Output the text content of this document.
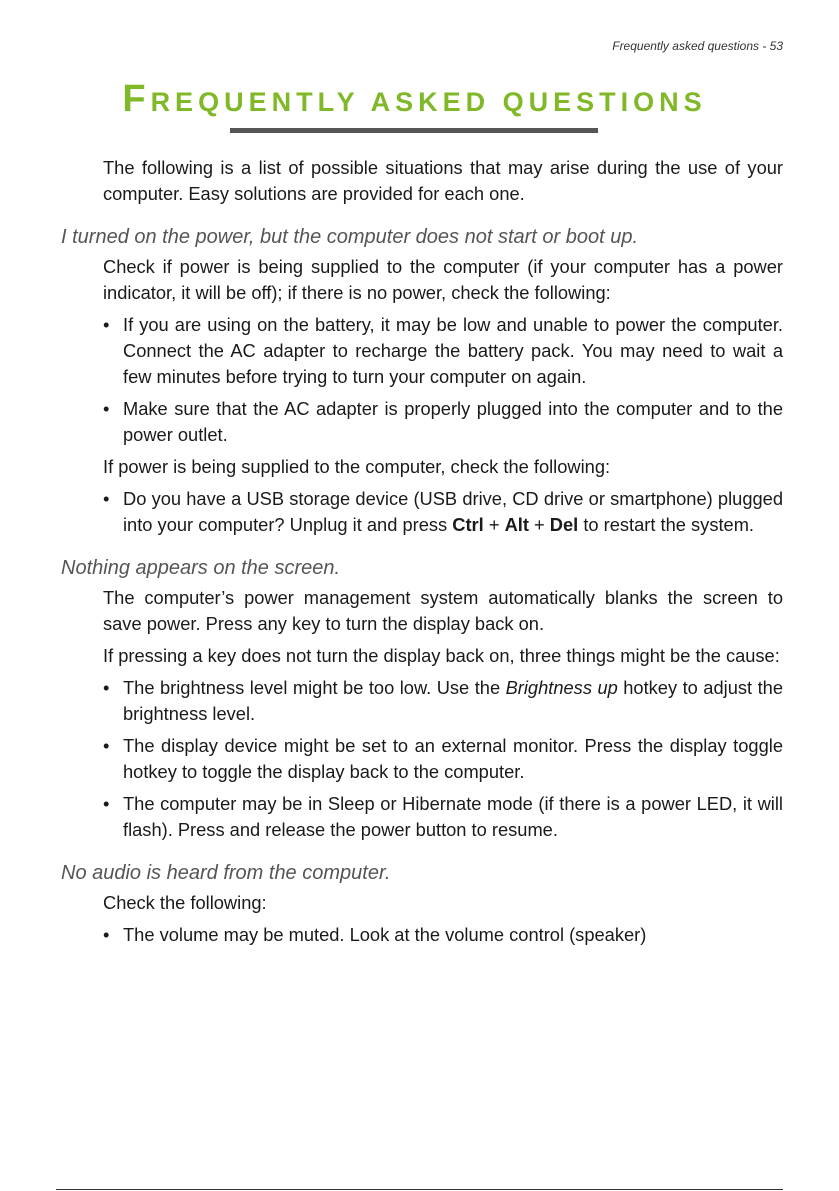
Frequently asked questions - 53
FREQUENTLY ASKED QUESTIONS

The following is a list of possible situations that may arise during the use of your computer. Easy solutions are provided for each one.

I turned on the power, but the computer does not start or boot up.

Check if power is being supplied to the computer (if your computer has a power indicator, it will be off); if there is no power, check the following:

• If you are using on the battery, it may be low and unable to power the computer. Connect the AC adapter to recharge the battery pack. You may need to wait a few minutes before trying to turn your computer on again.
• Make sure that the AC adapter is properly plugged into the computer and to the power outlet.

If power is being supplied to the computer, check the following:

• Do you have a USB storage device (USB drive, CD drive or smartphone) plugged into your computer? Unplug it and press Ctrl + Alt + Del to restart the system.
Nothing appears on the screen.

The computer’s power management system automatically blanks the screen to save power. Press any key to turn the display back on.

If pressing a key does not turn the display back on, three things might be the cause:

• The brightness level might be too low. Use the Brightness up hotkey to adjust the brightness level.
• The display device might be set to an external monitor. Press the display toggle hotkey to toggle the display back to the computer.
• The computer may be in Sleep or Hibernate mode (if there is a power LED, it will flash). Press and release the power button to resume.
No audio is heard from the computer.

Check the following:

• The volume may be muted. Look at the volume control (speaker)
